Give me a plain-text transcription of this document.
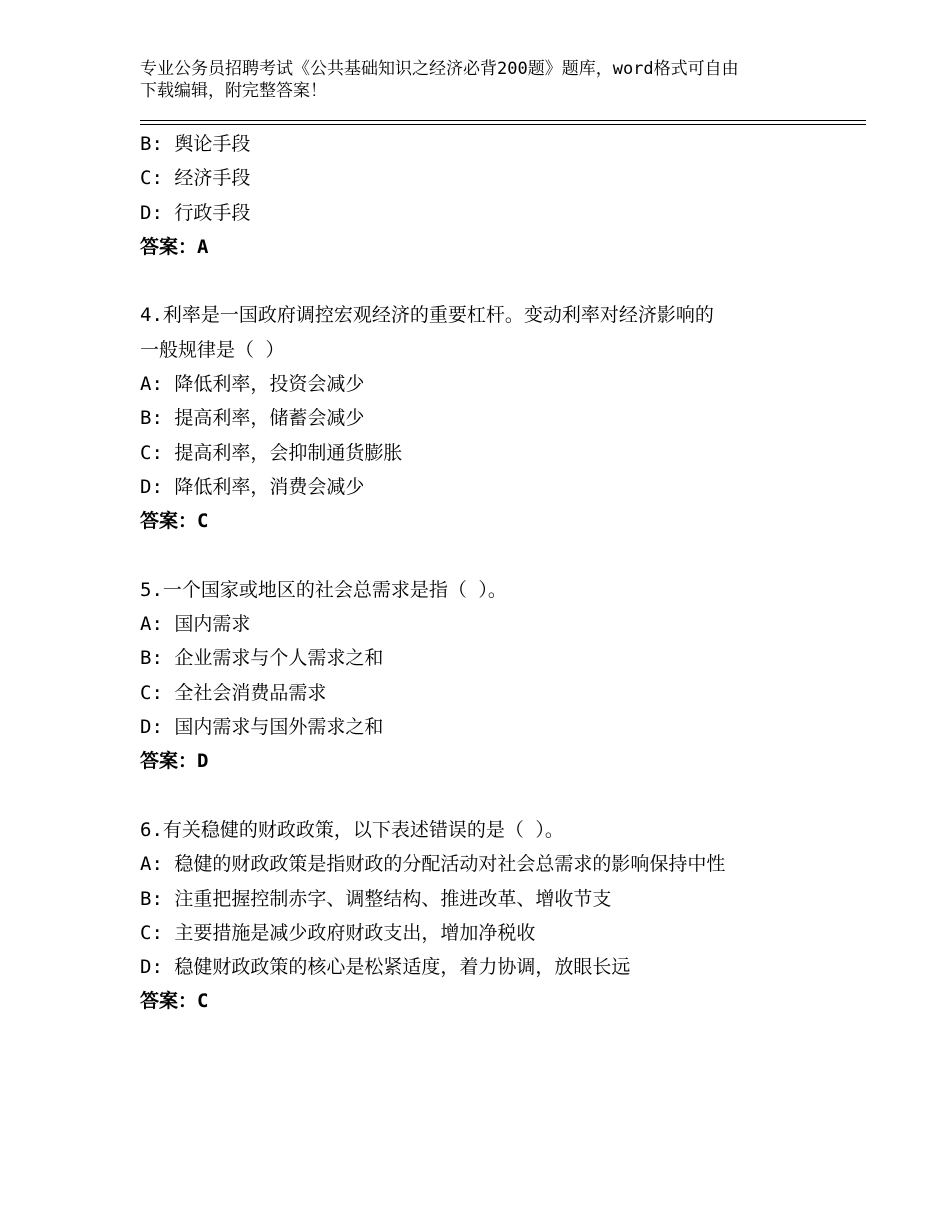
专业公务员招聘考试《公共基础知识之经济必背200题》题库，word格式可自由
下载编辑，附完整答案！
B: 舆论手段
C: 经济手段
D: 行政手段
答案：A
4.利率是一国政府调控宏观经济的重要杠杆。变动利率对经济影响的
一般规律是（ ）
A: 降低利率，投资会减少
B: 提高利率，储蓄会减少
C: 提高利率，会抑制通货膨胀
D: 降低利率，消费会减少
答案：C
5.一个国家或地区的社会总需求是指（ ）。
A: 国内需求
B: 企业需求与个人需求之和
C: 全社会消费品需求
D: 国内需求与国外需求之和
答案：D
6.有关稳健的财政政策，以下表述错误的是（ ）。
A: 稳健的财政政策是指财政的分配活动对社会总需求的影响保持中性
B: 注重把握控制赤字、调整结构、推进改革、增收节支
C: 主要措施是减少政府财政支出，增加净税收
D: 稳健财政政策的核心是松紧适度，着力协调，放眼长远
答案：C
